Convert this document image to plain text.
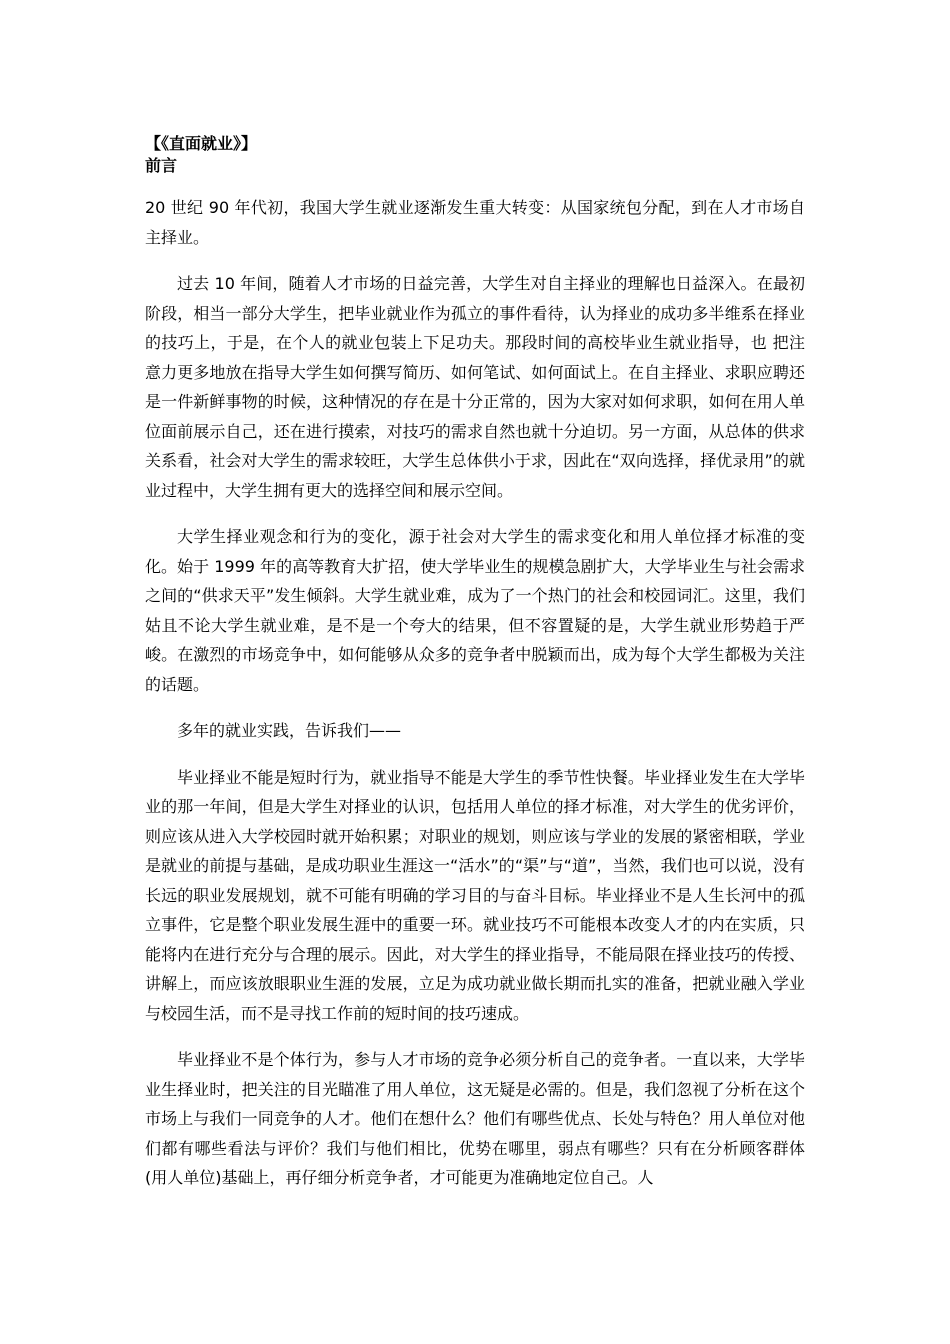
【《直面就业》】

前言

20 世纪 90 年代初，我国大学生就业逐渐发生重大转变：从国家统包分配，到在人才市场自主择业。

过去 10 年间，随着人才市场的日益完善，大学生对自主择业的理解也日益深入。在最初阶段，相当一部分大学生，把毕业就业作为孤立的事件看待，认为择业的成功多半维系在择业的技巧上，于是，在个人的就业包装上下足功夫。那段时间的高校毕业生就业指导，也 把注意力更多地放在指导大学生如何撰写简历、如何笔试、如何面试上。在自主择业、求职应聘还是一件新鲜事物的时候，这种情况的存在是十分正常的，因为大家对如何求职，如何在用人单位面前展示自己，还在进行摸索，对技巧的需求自然也就十分迫切。另一方面，从总体的供求关系看，社会对大学生的需求较旺，大学生总体供小于求，因此在“双向选择，择优录用”的就业过程中，大学生拥有更大的选择空间和展示空间。

大学生择业观念和行为的变化，源于社会对大学生的需求变化和用人单位择才标准的变化。始于 1999 年的高等教育大扩招，使大学毕业生的规模急剧扩大，大学毕业生与社会需求之间的“供求天平”发生倾斜。大学生就业难，成为了一个热门的社会和校园词汇。这里，我们姑且不论大学生就业难，是不是一个夸大的结果，但不容置疑的是，大学生就业形势趋于严峻。在激烈的市场竞争中，如何能够从众多的竞争者中脱颖而出，成为每个大学生都极为关注的话题。

多年的就业实践，告诉我们——

毕业择业不能是短时行为，就业指导不能是大学生的季节性快餐。毕业择业发生在大学毕业的那一年间，但是大学生对择业的认识，包括用人单位的择才标准，对大学生的优劣评价，则应该从进入大学校园时就开始积累；对职业的规划，则应该与学业的发展的紧密相联，学业是就业的前提与基础，是成功职业生涯这一“活水”的“渠”与“道”，当然，我们也可以说，没有长远的职业发展规划，就不可能有明确的学习目的与奋斗目标。毕业择业不是人生长河中的孤立事件，它是整个职业发展生涯中的重要一环。就业技巧不可能根本改变人才的内在实质，只能将内在进行充分与合理的展示。因此，对大学生的择业指导，不能局限在择业技巧的传授、讲解上，而应该放眼职业生涯的发展，立足为成功就业做长期而扎实的准备，把就业融入学业与校园生活，而不是寻找工作前的短时间的技巧速成。

毕业择业不是个体行为，参与人才市场的竞争必须分析自己的竞争者。一直以来，大学毕业生择业时，把关注的目光瞄准了用人单位，这无疑是必需的。但是，我们忽视了分析在这个市场上与我们一同竞争的人才。他们在想什么？他们有哪些优点、长处与特色？用人单位对他们都有哪些看法与评价？我们与他们相比，优势在哪里，弱点有哪些？只有在分析顾客群体(用人单位)基础上，再仔细分析竞争者，才可能更为准确地定位自己。人
